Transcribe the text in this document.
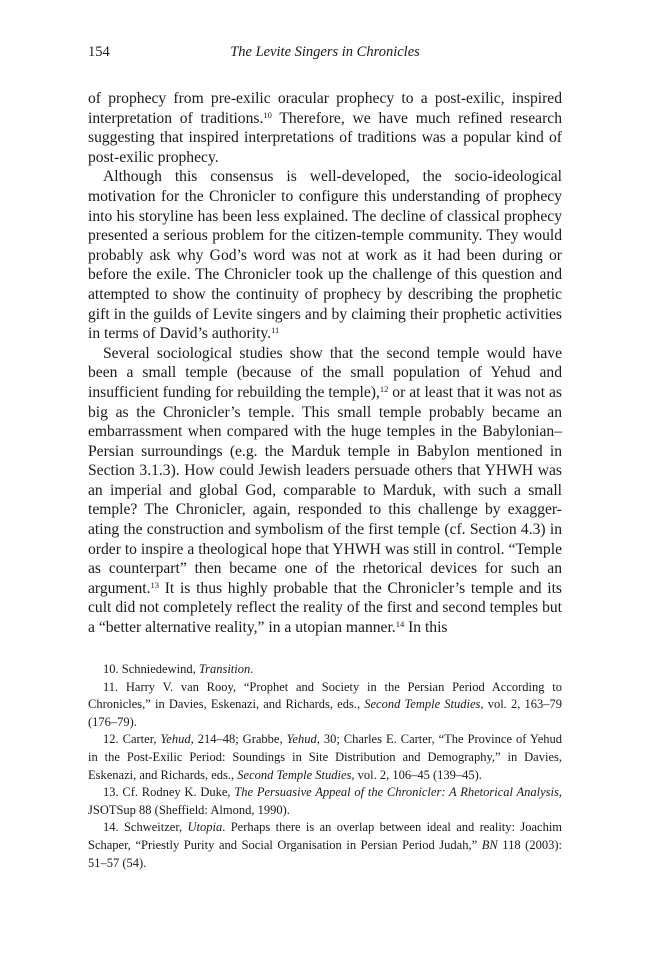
154	The Levite Singers in Chronicles

of prophecy from pre-exilic oracular prophecy to a post-exilic, inspired interpretation of traditions.$^{10}$ Therefore, we have much refined research suggesting that inspired interpretations of traditions was a popular kind of post-exilic prophecy.

Although this consensus is well-developed, the socio-ideological motivation for the Chronicler to configure this understanding of prophecy into his storyline has been less explained. The decline of classical prophecy presented a serious problem for the citizen-temple community. They would probably ask why God’s word was not at work as it had been during or before the exile. The Chronicler took up the challenge of this question and attempted to show the continuity of prophecy by describing the prophetic gift in the guilds of Levite singers and by claiming their prophetic activities in terms of David’s authority.$^{11}$

Several sociological studies show that the second temple would have been a small temple (because of the small population of Yehud and insufficient funding for rebuilding the temple),$^{12}$ or at least that it was not as big as the Chronicler’s temple. This small temple probably became an embarrassment when compared with the huge temples in the Babylonian–Persian surroundings (e.g. the Marduk temple in Babylon mentioned in Section 3.1.3). How could Jewish leaders persuade others that YHWH was an imperial and global God, comparable to Marduk, with such a small temple? The Chronicler, again, responded to this challenge by exagger-ating the construction and symbolism of the first temple (cf. Section 4.3) in order to inspire a theological hope that YHWH was still in control. “Temple as counterpart” then became one of the rhetorical devices for such an argument.$^{13}$ It is thus highly probable that the Chronicler’s temple and its cult did not completely reflect the reality of the first and second temples but a “better alternative reality,” in a utopian manner.$^{14}$ In this

10. Schniedewind, Transition.

11. Harry V. van Rooy, “Prophet and Society in the Persian Period According to Chronicles,” in Davies, Eskenazi, and Richards, eds., Second Temple Studies, vol. 2, 163–79 (176–79).

12. Carter, Yehud, 214–48; Grabbe, Yehud, 30; Charles E. Carter, “The Province of Yehud in the Post-Exilic Period: Soundings in Site Distribution and Demography,” in Davies, Eskenazi, and Richards, eds., Second Temple Studies, vol. 2, 106–45 (139–45).

13. Cf. Rodney K. Duke, The Persuasive Appeal of the Chronicler: A Rhetorical Analysis, JSOTSup 88 (Sheffield: Almond, 1990).

14. Schweitzer, Utopia. Perhaps there is an overlap between ideal and reality: Joachim Schaper, “Priestly Purity and Social Organisation in Persian Period Judah,” BN 118 (2003): 51–57 (54).
